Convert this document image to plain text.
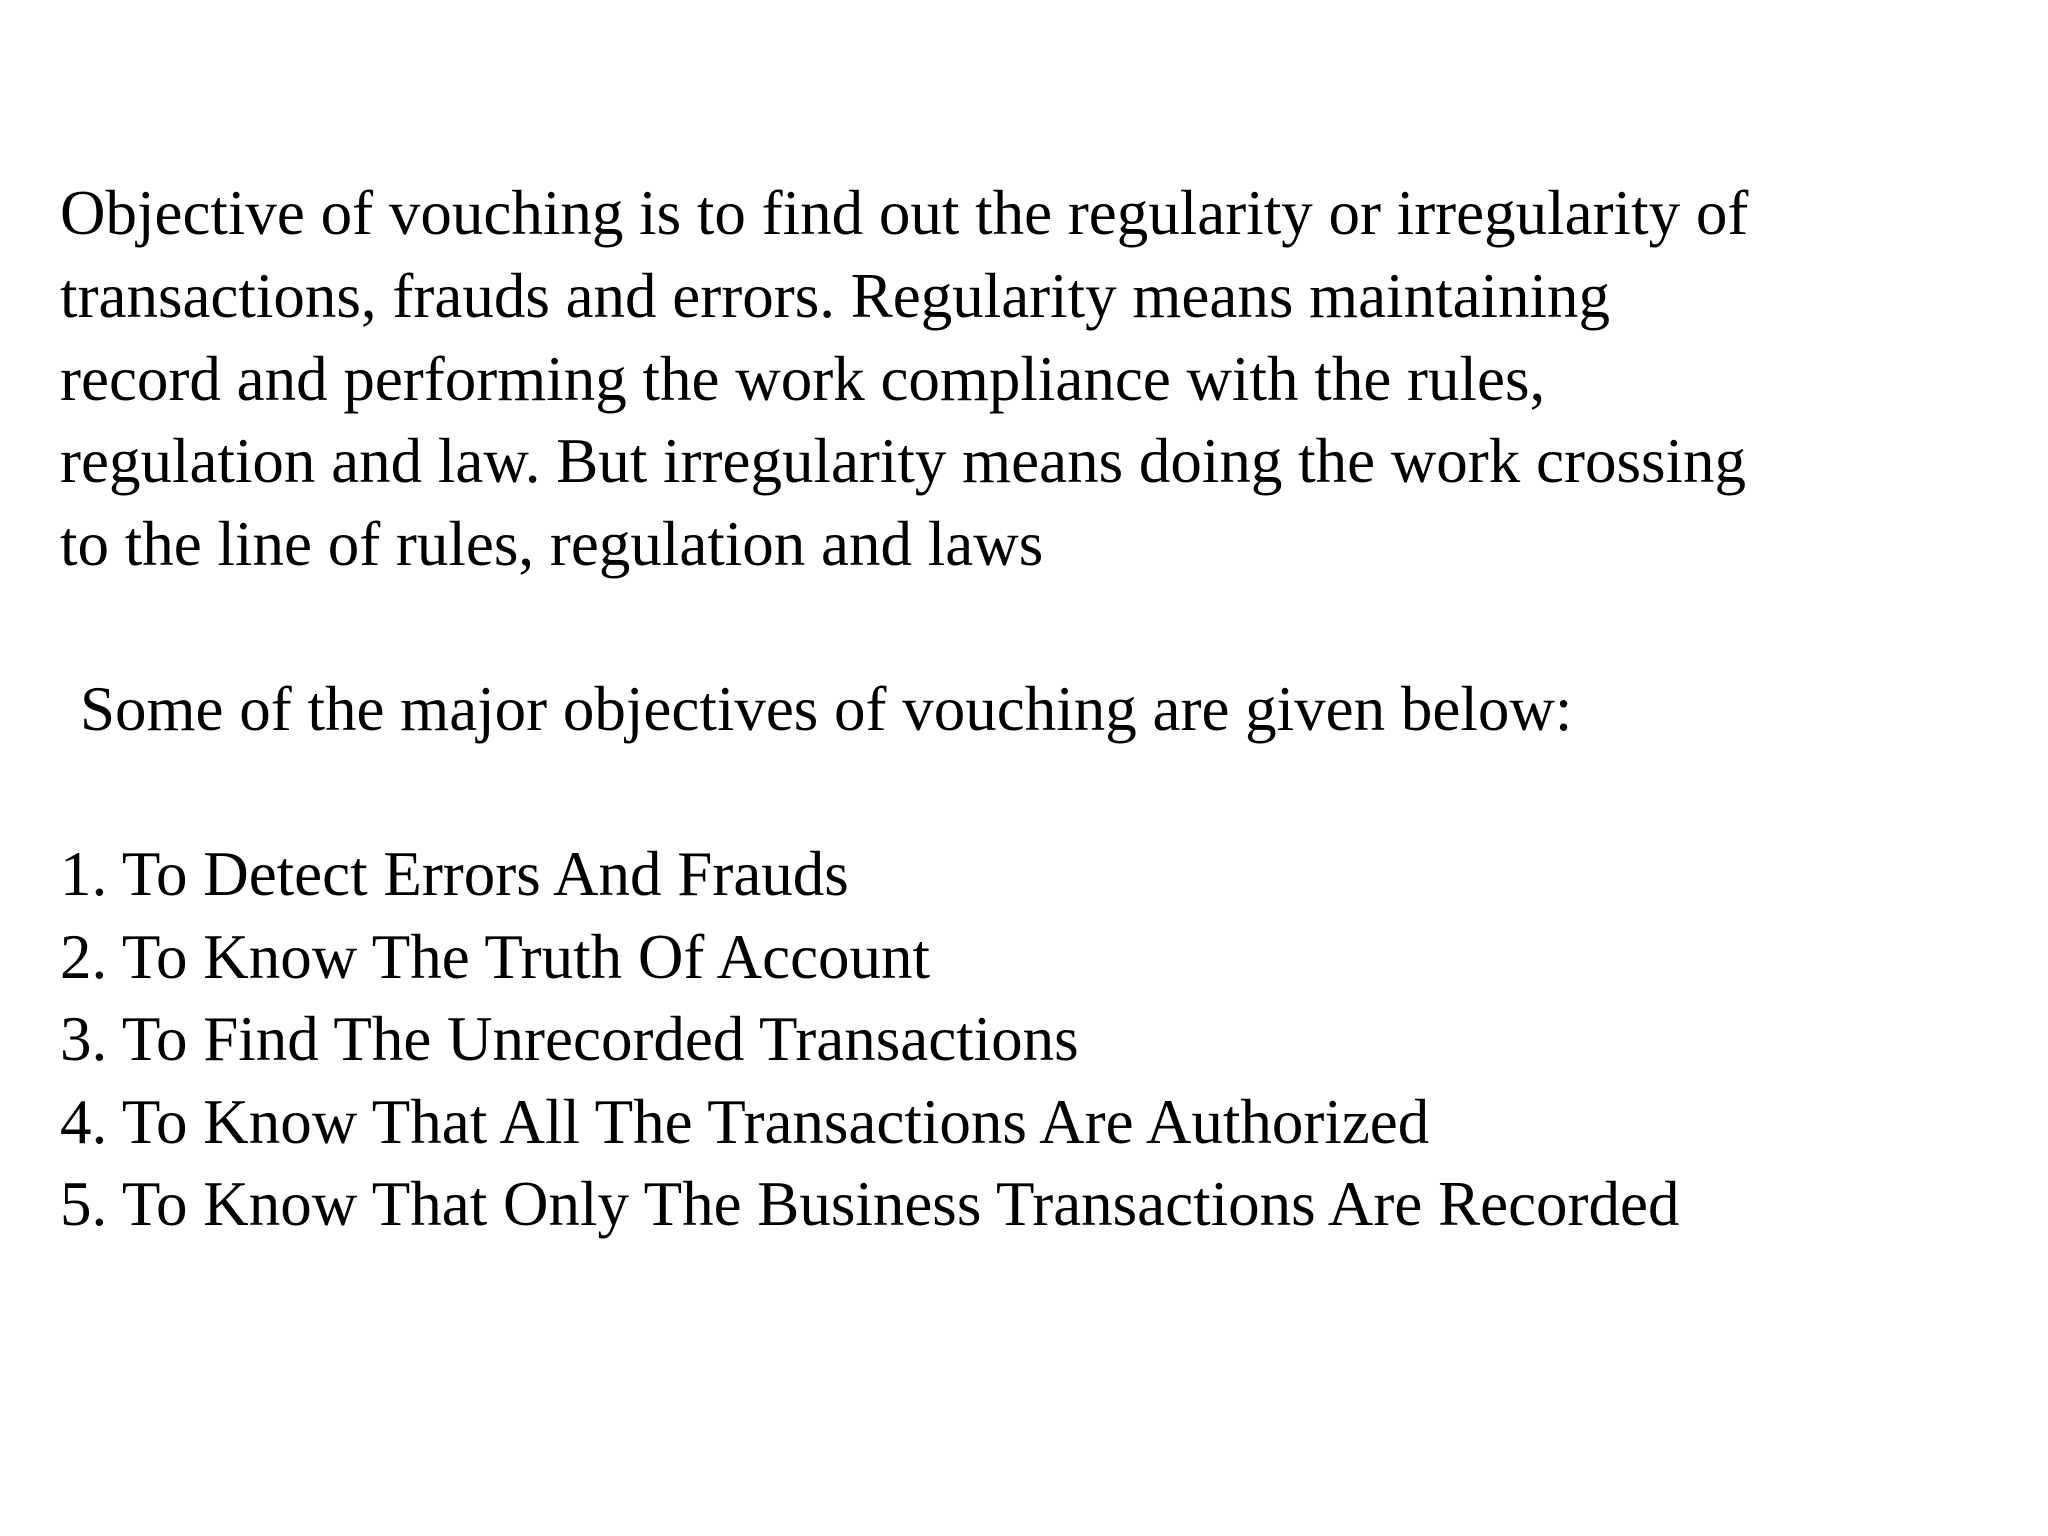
Objective of vouching is to find out the regularity or irregularity of

transactions, frauds and errors. Regularity means maintaining

record and performing the work compliance with the rules,

regulation and law. But irregularity means doing the work crossing

to the line of rules, regulation and laws

Some of the major objectives of vouching are given below:

1. To Detect Errors And Frauds

2. To Know The Truth Of Account

3. To Find The Unrecorded Transactions

4. To Know That All The Transactions Are Authorized

5. To Know That Only The Business Transactions Are Recorded
